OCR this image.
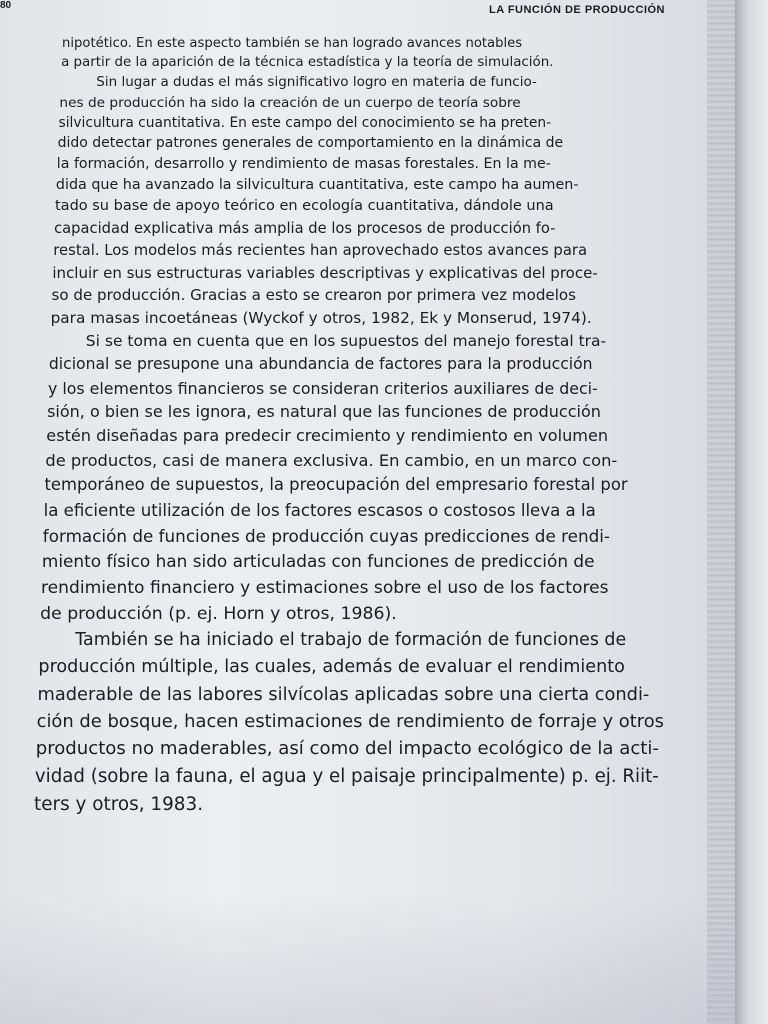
80	LA FUNCIÓN DE PRODUCCIÓN
nipotético. En este aspecto también se han logrado avances notables
a partir de la aparición de la técnica estadística y la teoría de simulación.
Sin lugar a dudas el más significativo logro en materia de funcio-
nes de producción ha sido la creación de un cuerpo de teoría sobre
silvicultura cuantitativa. En este campo del conocimiento se ha preten-
dido detectar patrones generales de comportamiento en la dinámica de
la formación, desarrollo y rendimiento de masas forestales. En la me-
dida que ha avanzado la silvicultura cuantitativa, este campo ha aumen-
tado su base de apoyo teórico en ecología cuantitativa, dándole una
capacidad explicativa más amplia de los procesos de producción fo-
restal. Los modelos más recientes han aprovechado estos avances para
incluir en sus estructuras variables descriptivas y explicativas del proce-
so de producción. Gracias a esto se crearon por primera vez modelos
para masas incoetáneas (Wyckof y otros, 1982, Ek y Monserud, 1974).
Si se toma en cuenta que en los supuestos del manejo forestal tra-
dicional se presupone una abundancia de factores para la producción
y los elementos financieros se consideran criterios auxiliares de deci-
sión, o bien se les ignora, es natural que las funciones de producción
estén diseñadas para predecir crecimiento y rendimiento en volumen
de productos, casi de manera exclusiva. En cambio, en un marco con-
temporáneo de supuestos, la preocupación del empresario forestal por
la eficiente utilización de los factores escasos o costosos lleva a la
formación de funciones de producción cuyas predicciones de rendi-
miento físico han sido articuladas con funciones de predicción de
rendimiento financiero y estimaciones sobre el uso de los factores
de producción (p. ej. Horn y otros, 1986).
También se ha iniciado el trabajo de formación de funciones de
producción múltiple, las cuales, además de evaluar el rendimiento
maderable de las labores silvícolas aplicadas sobre una cierta condi-
ción de bosque, hacen estimaciones de rendimiento de forraje y otros
productos no maderables, así como del impacto ecológico de la acti-
vidad (sobre la fauna, el agua y el paisaje principalmente) p. ej. Riit-
ters y otros, 1983.
